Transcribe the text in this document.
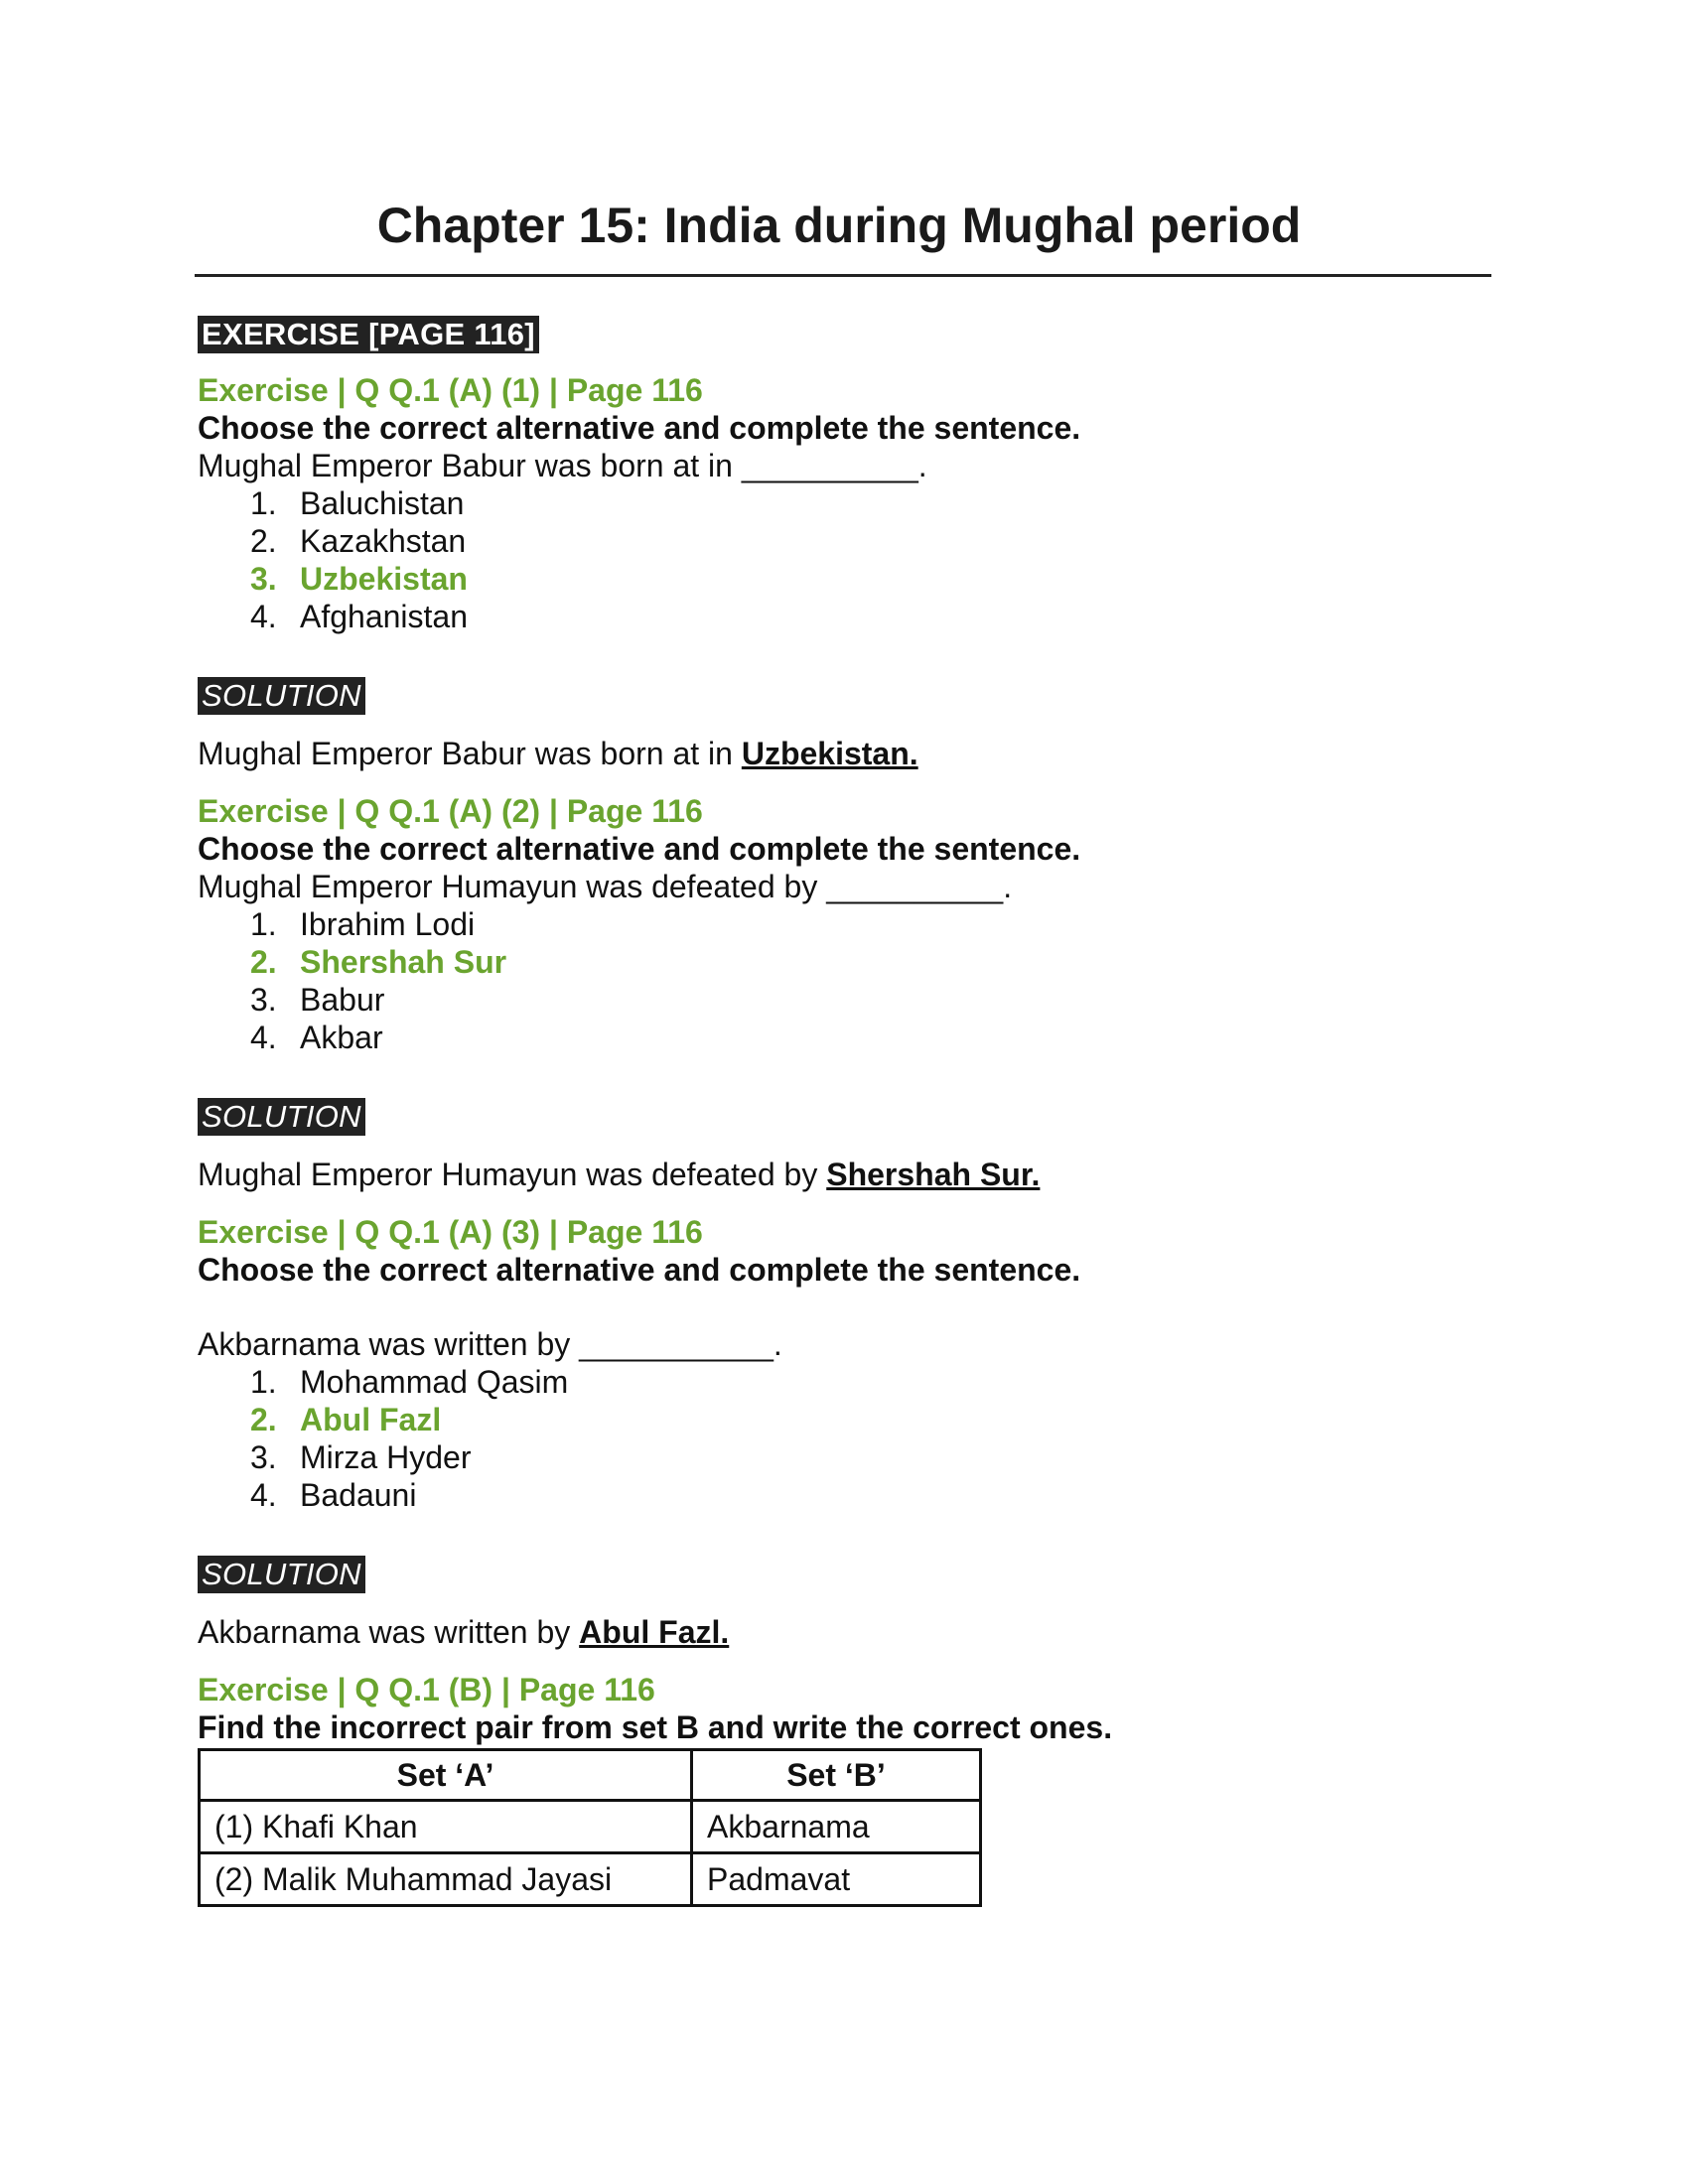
Chapter 15: India during Mughal period
EXERCISE [PAGE 116]

Exercise | Q Q.1 (A) (1) | Page 116

Choose the correct alternative and complete the sentence.

Mughal Emperor Babur was born at in __________.

1. Baluchistan
2. Kazakhstan
3. Uzbekistan
4. Afghanistan
SOLUTION

Mughal Emperor Babur was born at in Uzbekistan.

Exercise | Q Q.1 (A) (2) | Page 116

Choose the correct alternative and complete the sentence.

Mughal Emperor Humayun was defeated by __________.

1. Ibrahim Lodi
2. Shershah Sur
3. Babur
4. Akbar
SOLUTION

Mughal Emperor Humayun was defeated by Shershah Sur.

Exercise | Q Q.1 (A) (3) | Page 116

Choose the correct alternative and complete the sentence.

Akbarnama was written by ___________.

1. Mohammad Qasim
2. Abul Fazl
3. Mirza Hyder
4. Badauni
SOLUTION

Akbarnama was written by Abul Fazl.

Exercise | Q Q.1 (B) | Page 116

Find the incorrect pair from set B and write the correct ones.

Set ‘A’	Set ‘B’
(1) Khafi Khan	Akbarnama
(2) Malik Muhammad Jayasi	Padmavat
